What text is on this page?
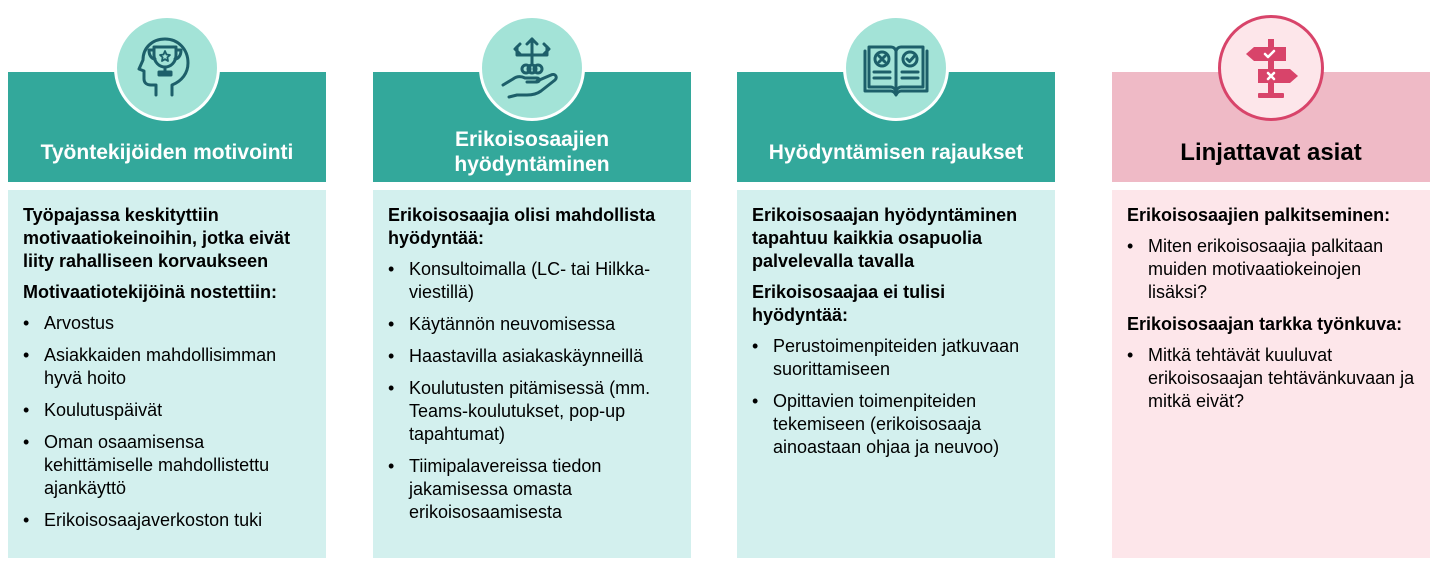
Työntekijöiden motivointi
Työpajassa keskityttiin motivaatiokeinoihin, jotka eivät liity rahalliseen korvaukseen
Motivaatiotekijöinä nostettiin:
• Arvostus
• Asiakkaiden mahdollisimman hyvä hoito
• Koulutuspäivät
• Oman osaamisensa kehittämiselle mahdollistettu ajankäyttö
• Erikoisosaajaverkoston tuki
Erikoisosaajien hyödyntäminen
Erikoisosaajia olisi mahdollista hyödyntää:
• Konsultoimalla (LC- tai Hilkka-viestillä)
• Käytännön neuvomisessa
• Haastavilla asiakaskäynneillä
• Koulutusten pitämisessä (mm. Teams-koulutukset, pop-up tapahtumat)
• Tiimipalavereissa tiedon jakamisessa omasta erikoisosaamisesta
Hyödyntämisen rajaukset
Erikoisosaajan hyödyntäminen tapahtuu kaikkia osapuolia palvelevalla tavalla
Erikoisosaajaa ei tulisi hyödyntää:
• Perustoimenpiteiden jatkuvaan suorittamiseen
• Opittavien toimenpiteiden tekemiseen (erikoisosaaja ainoastaan ohjaa ja neuvoo)
Linjattavat asiat
Erikoisosaajien palkitseminen:
• Miten erikoisosaajia palkitaan muiden motivaatiokeinojen lisäksi?
Erikoisosaajan tarkka työnkuva:
• Mitkä tehtävät kuuluvat erikoisosaajan tehtävänkuvaan ja mitkä eivät?
